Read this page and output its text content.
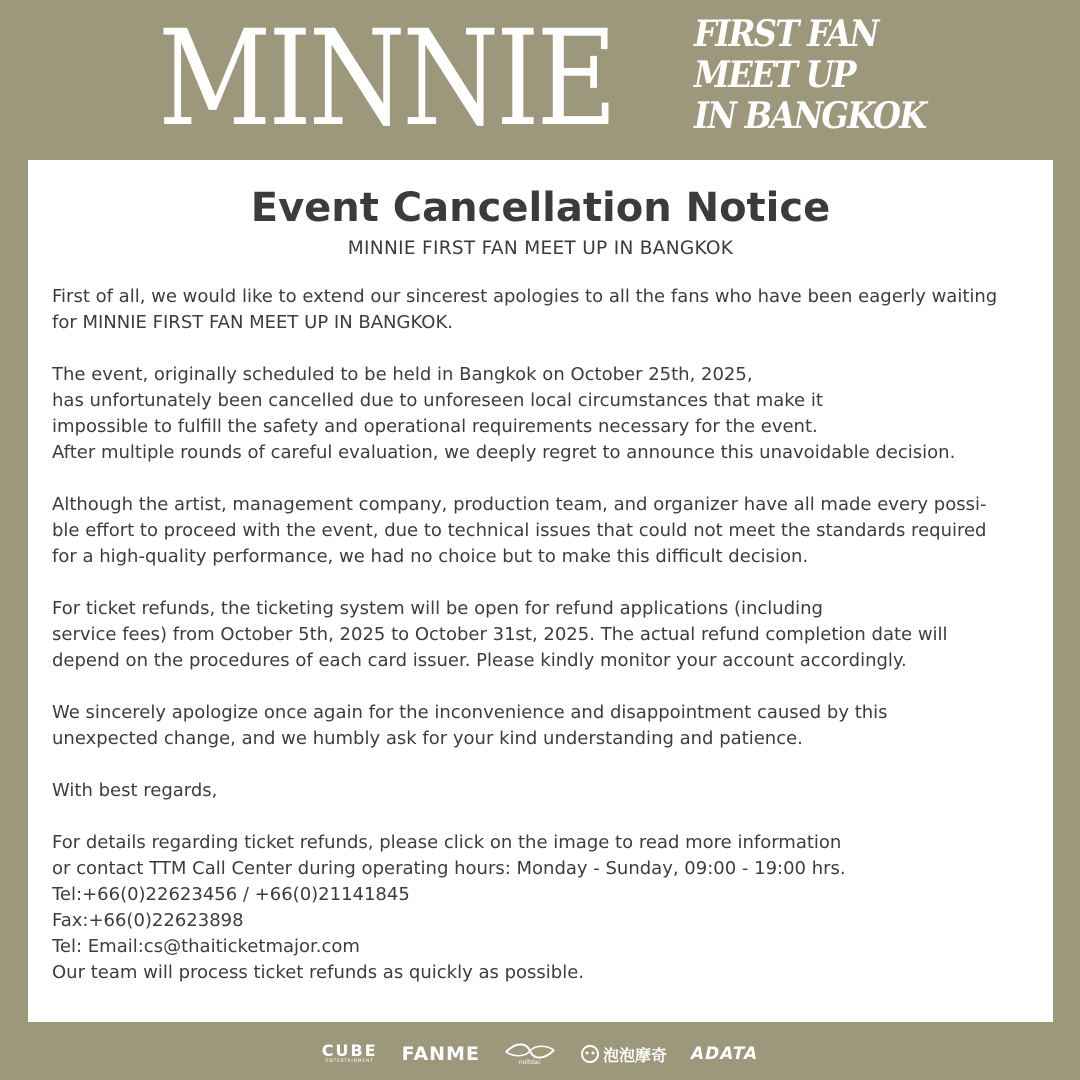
MINNIE FIRST FAN
MEET UP
IN BANGKOK
Event Cancellation Notice
MINNIE FIRST FAN MEET UP IN BANGKOK

First of all, we would like to extend our sincerest apologies to all the fans who have been eagerly waiting
for MINNIE FIRST FAN MEET UP IN BANGKOK.

The event, originally scheduled to be held in Bangkok on October 25th, 2025,
has unfortunately been cancelled due to unforeseen local circumstances that make it
impossible to fulfill the safety and operational requirements necessary for the event.
After multiple rounds of careful evaluation, we deeply regret to announce this unavoidable decision.

Although the artist, management company, production team, and organizer have all made every possi-
ble effort to proceed with the event, due to technical issues that could not meet the standards required
for a high-quality performance, we had no choice but to make this difficult decision.

For ticket refunds, the ticketing system will be open for refund applications (including
service fees) from October 5th, 2025 to October 31st, 2025. The actual refund completion date will
depend on the procedures of each card issuer. Please kindly monitor your account accordingly.

We sincerely apologize once again for the inconvenience and disappointment caused by this
unexpected change, and we humbly ask for your kind understanding and patience.

With best regards,

For details regarding ticket refunds, please click on the image to read more information
or contact TTM Call Center during operating hours: Monday - Sunday, 09:00 - 19:00 hrs.
Tel:+66(0)22623456 / +66(0)21141845
Fax:+66(0)22623898
Tel: Email:cs@thaiticketmajor.com
Our team will process ticket refunds as quickly as possible.

CUBE
ENTERTAINMENT FANME	noltdac	泡泡摩奇 ADATA
